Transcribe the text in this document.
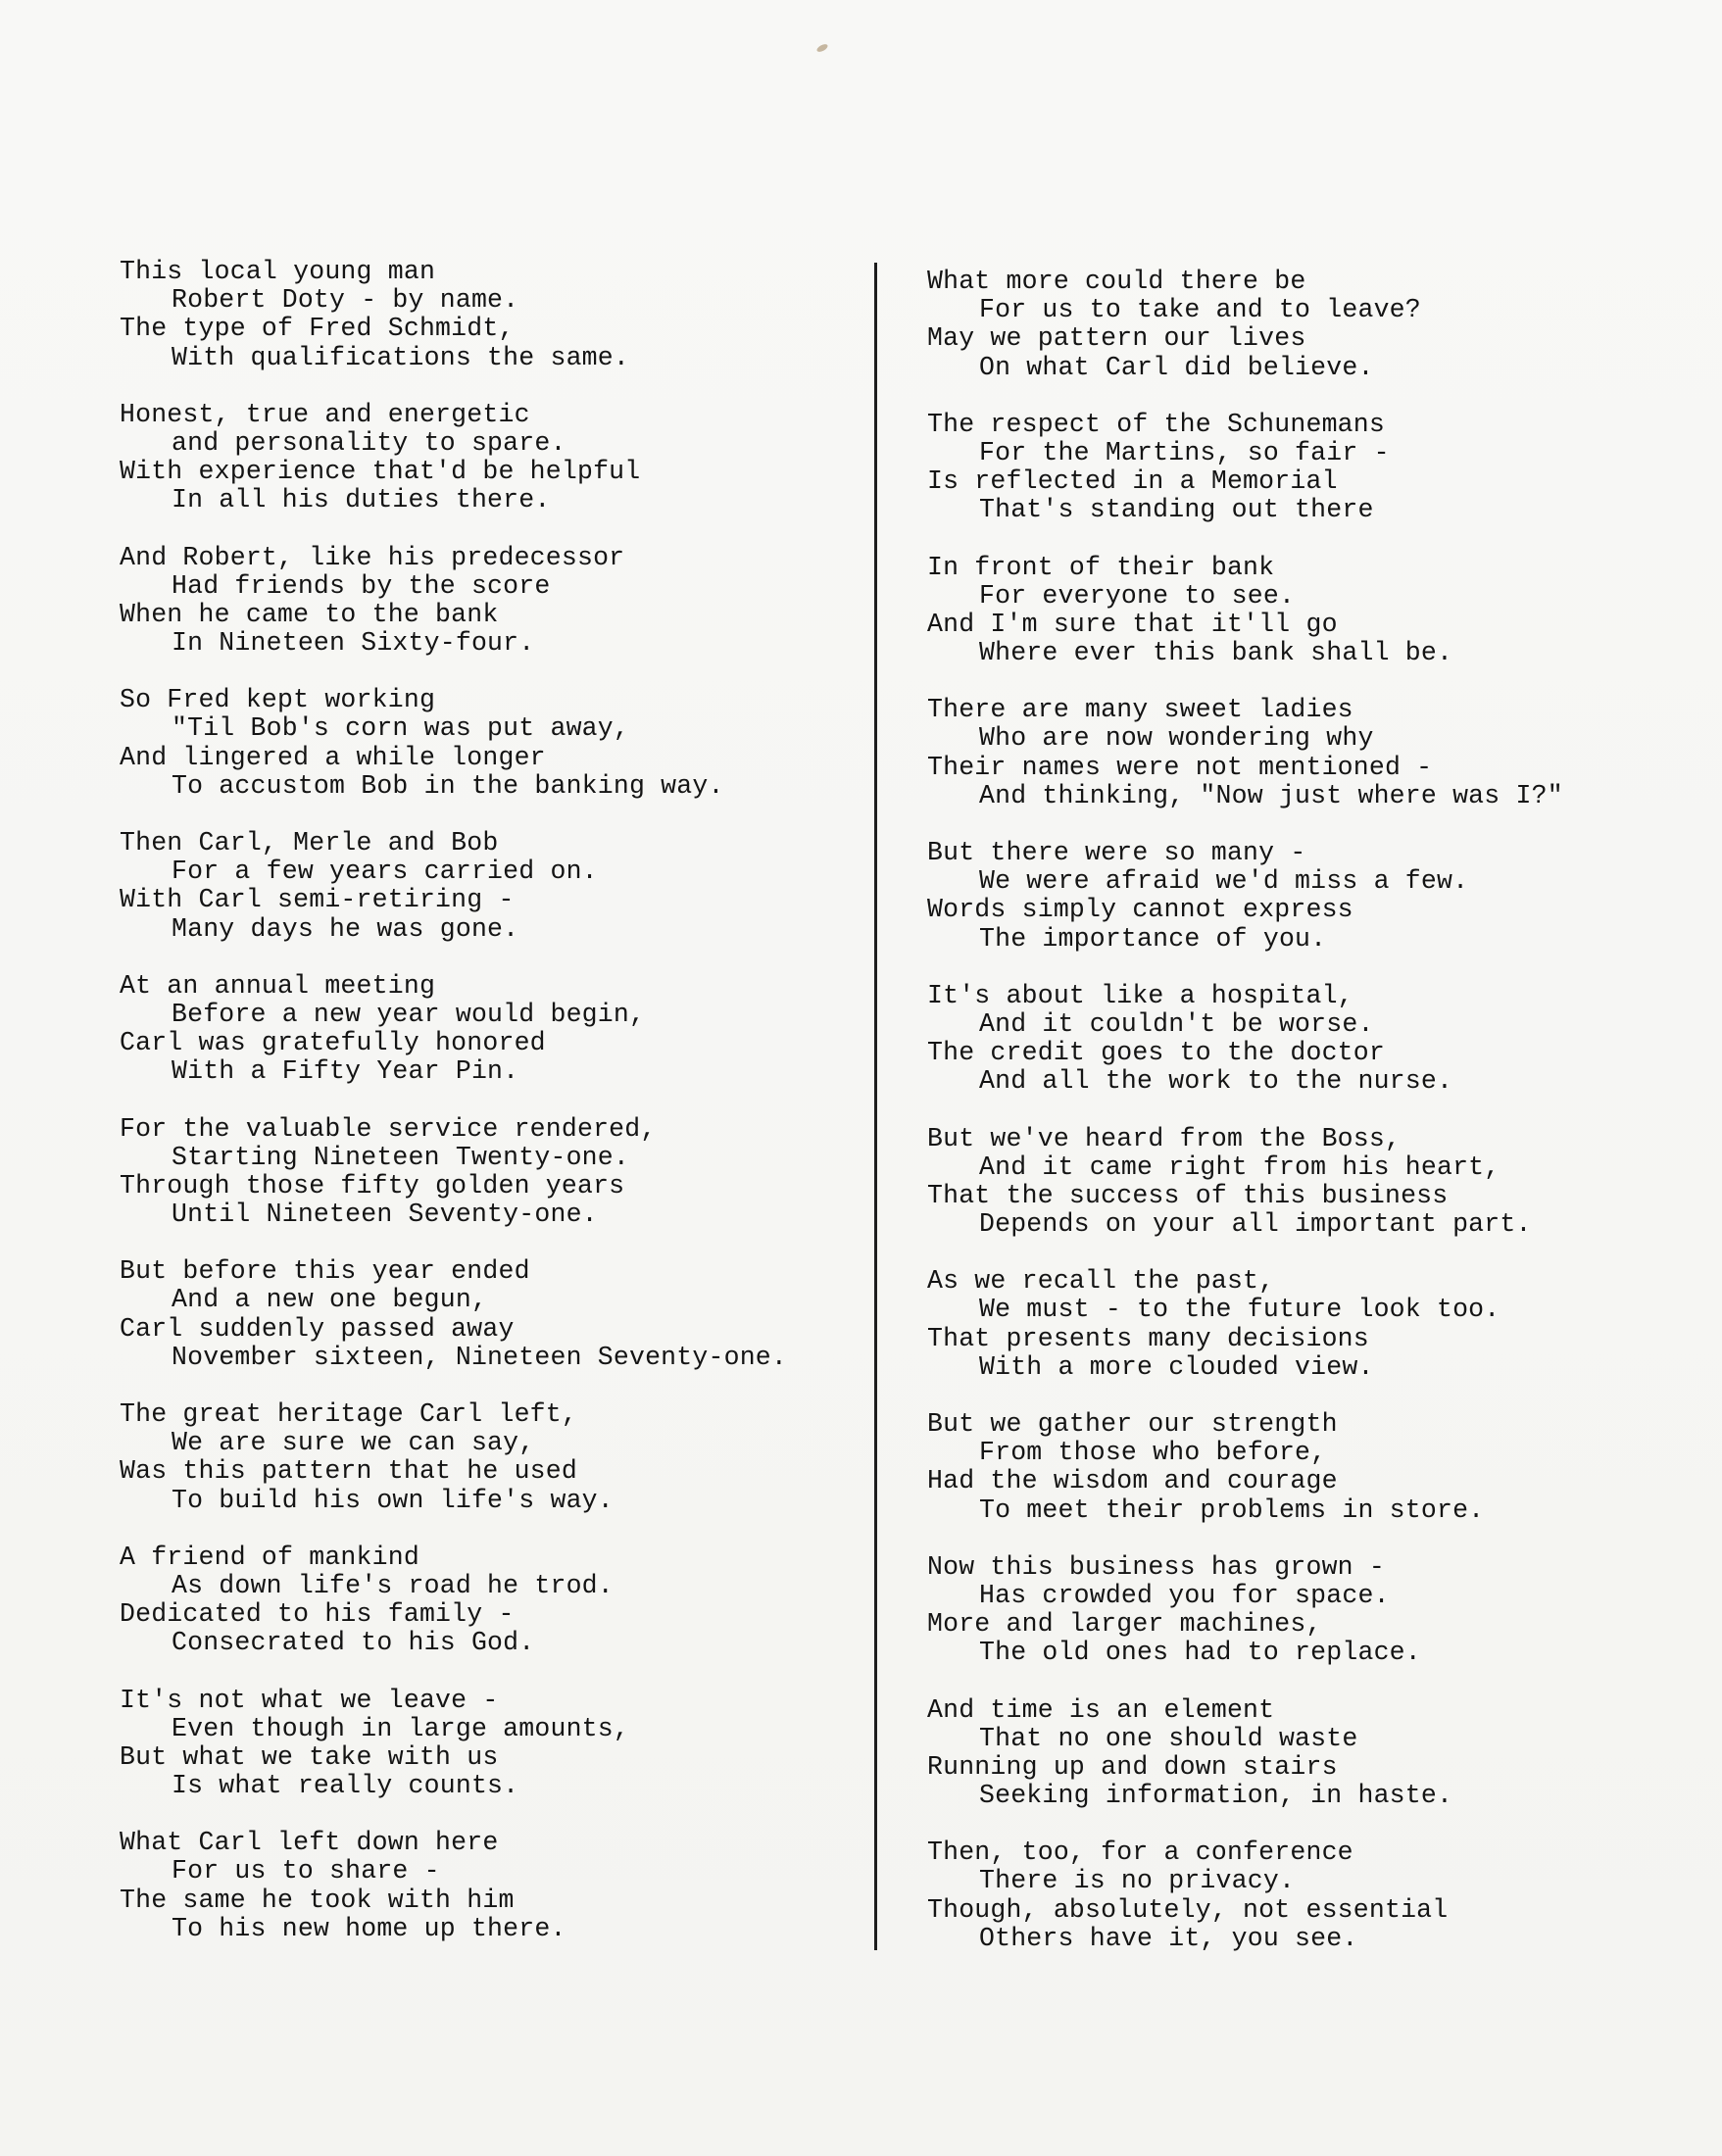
This local young man
Robert Doty - by name.
The type of Fred Schmidt,
With qualifications the same.
Honest, true and energetic
and personality to spare.
With experience that'd be helpful
In all his duties there.
And Robert, like his predecessor
Had friends by the score
When he came to the bank
In Nineteen Sixty-four.
So Fred kept working
"Til Bob's corn was put away,
And lingered a while longer
To accustom Bob in the banking way.
Then Carl, Merle and Bob
For a few years carried on.
With Carl semi-retiring -
Many days he was gone.
At an annual meeting
Before a new year would begin,
Carl was gratefully honored
With a Fifty Year Pin.
For the valuable service rendered,
Starting Nineteen Twenty-one.
Through those fifty golden years
Until Nineteen Seventy-one.
But before this year ended
And a new one begun,
Carl suddenly passed away
November sixteen, Nineteen Seventy-one.
The great heritage Carl left,
We are sure we can say,
Was this pattern that he used
To build his own life's way.
A friend of mankind
As down life's road he trod.
Dedicated to his family -
Consecrated to his God.
It's not what we leave -
Even though in large amounts,
But what we take with us
Is what really counts.
What Carl left down here
For us to share -
The same he took with him
To his new home up there.
What more could there be
For us to take and to leave?
May we pattern our lives
On what Carl did believe.
The respect of the Schunemans
For the Martins, so fair -
Is reflected in a Memorial
That's standing out there
In front of their bank
For everyone to see.
And I'm sure that it'll go
Where ever this bank shall be.
There are many sweet ladies
Who are now wondering why
Their names were not mentioned -
And thinking, "Now just where was I?"
But there were so many -
We were afraid we'd miss a few.
Words simply cannot express
The importance of you.
It's about like a hospital,
And it couldn't be worse.
The credit goes to the doctor
And all the work to the nurse.
But we've heard from the Boss,
And it came right from his heart,
That the success of this business
Depends on your all important part.
As we recall the past,
We must - to the future look too.
That presents many decisions
With a more clouded view.
But we gather our strength
From those who before,
Had the wisdom and courage
To meet their problems in store.
Now this business has grown -
Has crowded you for space.
More and larger machines,
The old ones had to replace.
And time is an element
That no one should waste
Running up and down stairs
Seeking information, in haste.
Then, too, for a conference
There is no privacy.
Though, absolutely, not essential
Others have it, you see.
